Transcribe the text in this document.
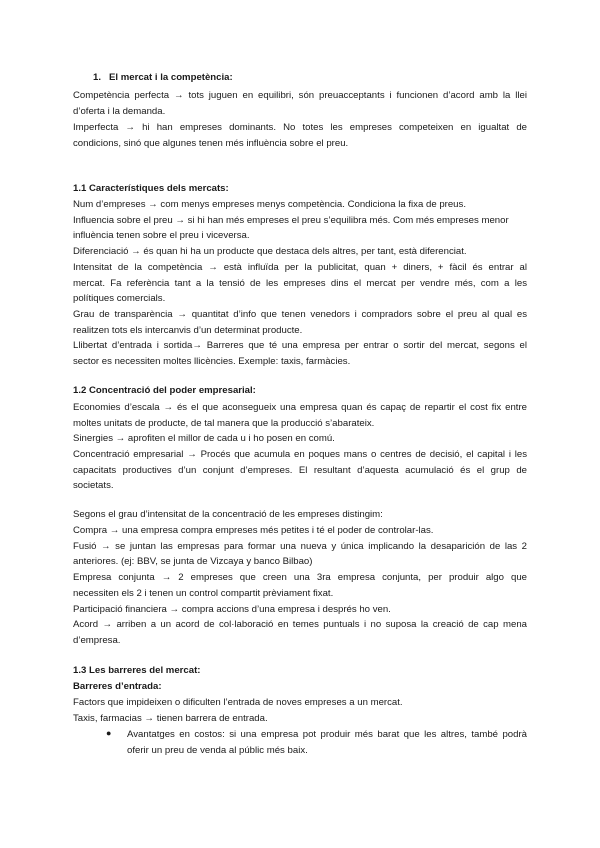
1. El mercat i la competència:
Competència perfecta → tots juguen en equilibri, són preuacceptants i funcionen d’acord amb la llei
d’oferta i la demanda.
Imperfecta → hi han empreses dominants. No totes les empreses competeixen en igualtat de
condicions, sinó que algunes tenen més influència sobre el preu.
1.1 Característiques dels mercats:
Num d’empreses → com menys empreses menys competència. Condiciona la fixa de preus.
Influencia sobre el preu → si hi han més empreses el preu s’equilibra més. Com més empreses menor
influència tenen sobre el preu i viceversa.
Diferenciació → és quan hi ha un producte que destaca dels altres, per tant, està diferenciat.
Intensitat de la competència → està influïda per la publicitat, quan + diners, + fàcil és entrar al
mercat. Fa referència tant a la tensió de les empreses dins el mercat per vendre més, com a les
polítiques comercials.
Grau de transparència → quantitat d’info que tenen venedors i compradors sobre el preu al qual es
realitzen tots els intercanvis d’un determinat producte.
Llibertat d’entrada i sortida→ Barreres que té una empresa per entrar o sortir del mercat, segons el
sector es necessiten moltes llicències. Exemple: taxis, farmàcies.
1.2 Concentració del poder empresarial:
Economies d’escala → és el que aconsegueix una empresa quan és capaç de repartir el cost fix entre
moltes unitats de producte, de tal manera que la producció s’abarateix.
Sinergies → aprofiten el millor de cada u i ho posen en comú.
Concentració empresarial → Procés que acumula en poques mans o centres de decisió, el capital i les
capacitats productives d’un conjunt d’empreses. El resultant d’aquesta acumulació és el grup de
societats.
Segons el grau d’intensitat de la concentració de les empreses distingim:
Compra → una empresa compra empreses més petites i té el poder de controlar-las.
Fusió → se juntan las empresas para formar una nueva y única implicando la desaparición de las 2
anteriores. (ej: BBV, se junta de Vizcaya y banco Bilbao)
Empresa conjunta → 2 empreses que creen una 3ra empresa conjunta, per produir algo que
necessiten els 2 i tenen un control compartit prèviament fixat.
Participació financiera → compra accions d’una empresa i després ho ven.
Acord → arriben a un acord de col·laboració en temes puntuals i no suposa la creació de cap mena
d’empresa.
1.3 Les barreres del mercat:
Barreres d’entrada:
Factors que impideixen o dificulten l’entrada de noves empreses a un mercat.
Taxis, farmacias → tienen barrera de entrada.
● Avantatges en costos: si una empresa pot produir més barat que les altres, també podrà
oferir un preu de venda al públic més baix.
